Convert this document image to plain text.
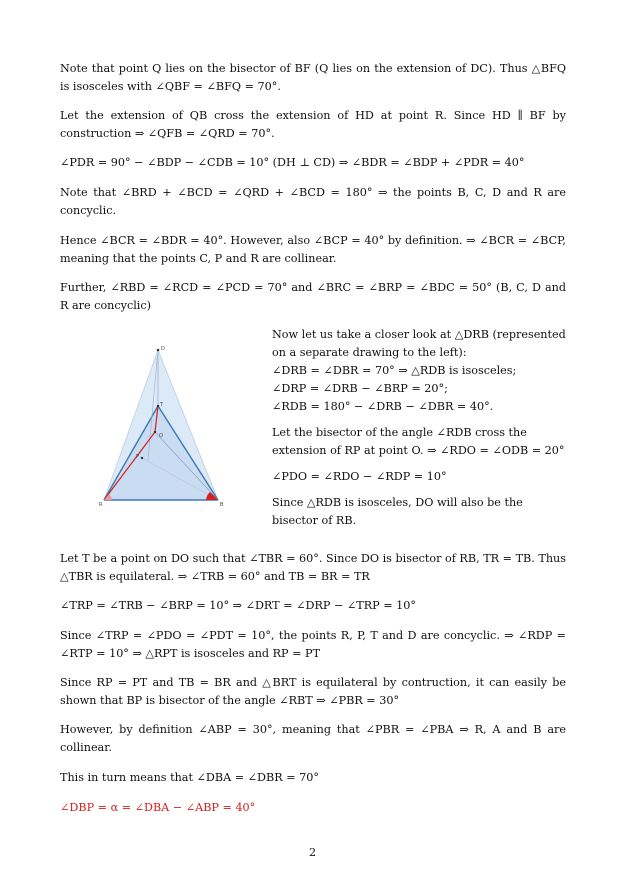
Note that point Q lies on the bisector of BF (Q lies on the extension of DC). Thus △BFQ is isosceles with ∠QBF = ∠BFQ = 70°.

Let the extension of QB cross the extension of HD at point R. Since HD ∥ BF by construction ⇒ ∠QFB = ∠QRD = 70°.

∠PDR = 90° − ∠BDP − ∠CDB = 10° (DH ⊥ CD) ⇒ ∠BDR = ∠BDP + ∠PDR = 40°

Note that ∠BRD + ∠BCD = ∠QRD + ∠BCD = 180° ⇒ the points B, C, D and R are concyclic.

Hence ∠BCR = ∠BDR = 40°. However, also ∠BCP = 40° by definition. ⇒ ∠BCR = ∠BCP, meaning that the points C, P and R are collinear.

Further, ∠RBD = ∠RCD = ∠PCD = 70° and ∠BRC = ∠BRP = ∠BDC = 50° (B, C, D and R are concyclic)

D
T
O
P
R	B

Now let us take a closer look at △DRB (represented on a separate drawing to the left):

∠DRB = ∠DBR = 70° ⇒ △RDB is isosceles;

∠DRP = ∠DRB − ∠BRP = 20°;

∠RDB = 180° − ∠DRB − ∠DBR = 40°.

Let the bisector of the angle ∠RDB cross the extension of RP at point O. ⇒ ∠RDO = ∠ODB = 20°

∠PDO = ∠RDO − ∠RDP = 10°

Since △RDB is isosceles, DO will also be the bisector of RB.

Let T be a point on DO such that ∠TBR = 60°. Since DO is bisector of RB, TR = TB. Thus △TBR is equilateral. ⇒ ∠TRB = 60° and TB = BR = TR

∠TRP = ∠TRB − ∠BRP = 10° ⇒ ∠DRT = ∠DRP − ∠TRP = 10°

Since ∠TRP = ∠PDO = ∠PDT = 10°, the points R, P, T and D are concyclic. ⇒ ∠RDP = ∠RTP = 10° ⇒ △RPT is isosceles and RP = PT

Since RP = PT and TB = BR and △BRT is equilateral by contruction, it can easily be shown that BP is bisector of the angle ∠RBT ⇒ ∠PBR = 30°

However, by definition ∠ABP = 30°, meaning that ∠PBR = ∠PBA ⇒ R, A and B are collinear.

This in turn means that ∠DBA = ∠DBR = 70°

∠DBP = α = ∠DBA − ∠ABP = 40°

2
